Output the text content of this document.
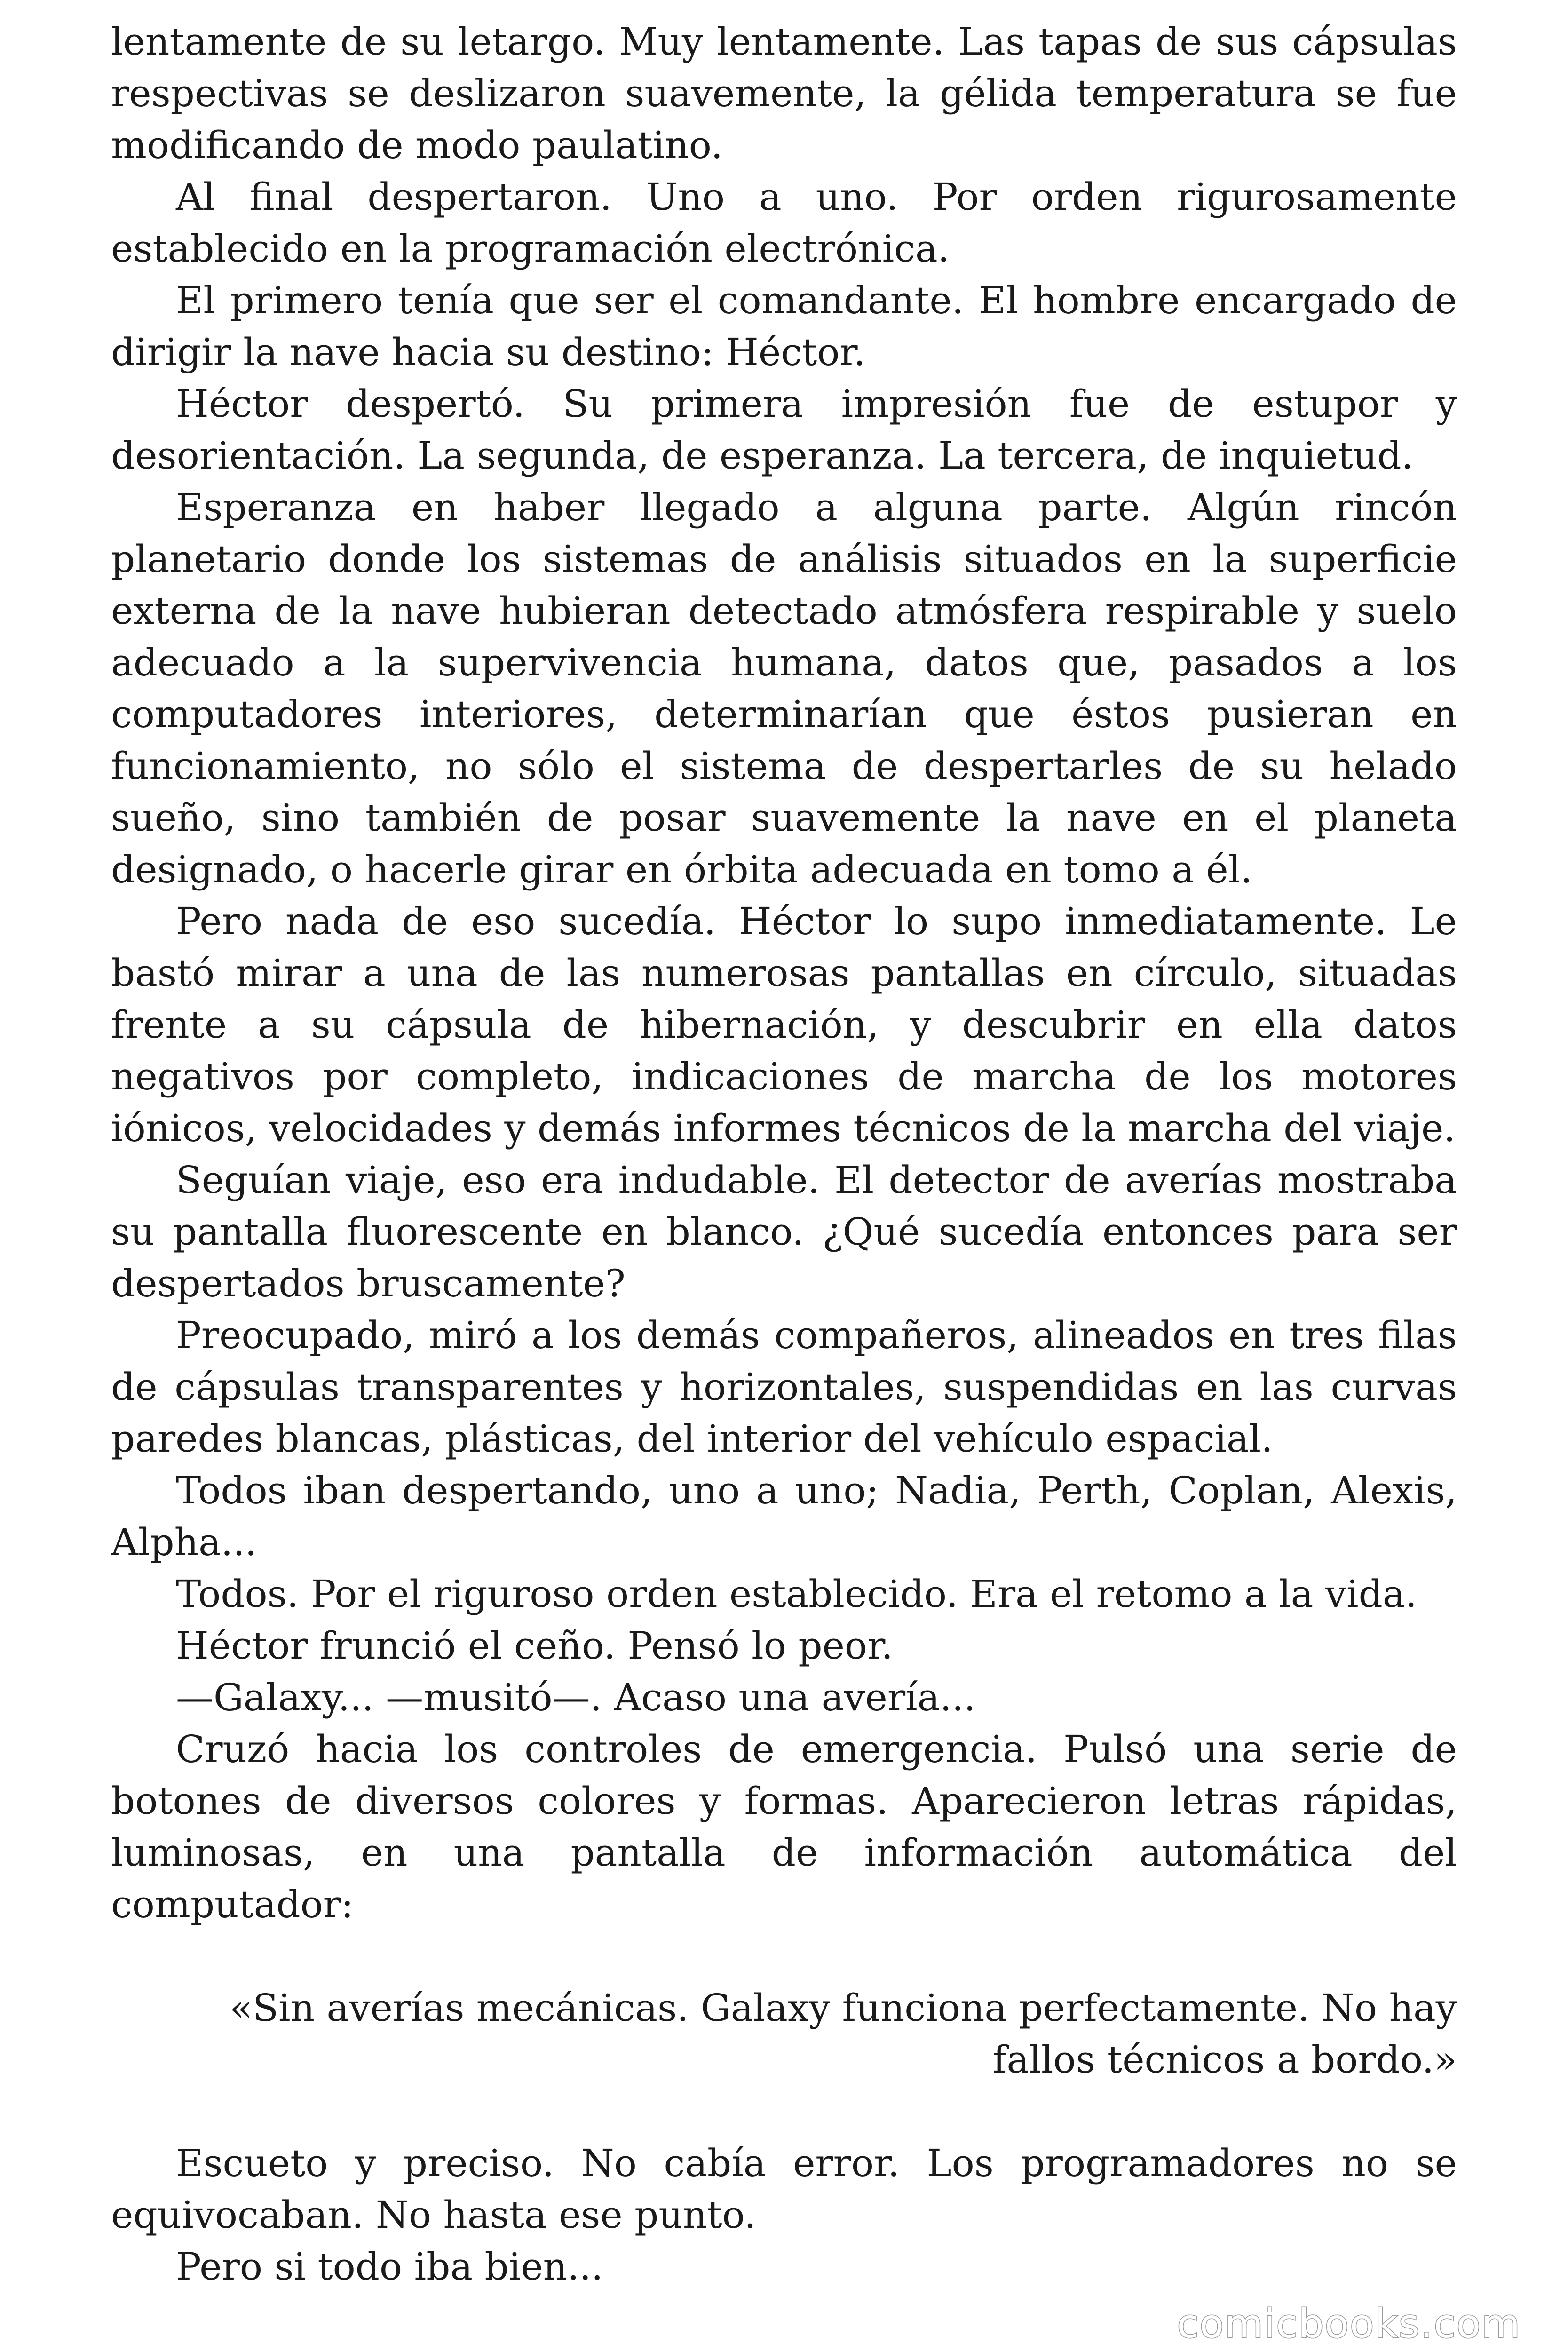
lentamente de su letargo. Muy lentamente. Las tapas de sus cápsulas respectivas se deslizaron suavemente, la gélida temperatura se fue modificando de modo paulatino.

Al final despertaron. Uno a uno. Por orden rigurosamente establecido en la programación electrónica.

El primero tenía que ser el comandante. El hombre encargado de dirigir la nave hacia su destino: Héctor.

Héctor despertó. Su primera impresión fue de estupor y desorientación. La segunda, de esperanza. La tercera, de inquietud.

Esperanza en haber llegado a alguna parte. Algún rincón planetario donde los sistemas de análisis situados en la superficie externa de la nave hubieran detectado atmósfera respirable y suelo adecuado a la supervivencia humana, datos que, pasados a los computadores interiores, determinarían que éstos pusieran en funcionamiento, no sólo el sistema de despertarles de su helado sueño, sino también de posar suavemente la nave en el planeta designado, o hacerle girar en órbita adecuada en tomo a él.

Pero nada de eso sucedía. Héctor lo supo inmediatamente. Le bastó mirar a una de las numerosas pantallas en círculo, situadas frente a su cápsula de hibernación, y descubrir en ella datos negativos por completo, indicaciones de marcha de los motores iónicos, velocidades y demás informes técnicos de la marcha del viaje.

Seguían viaje, eso era indudable. El detector de averías mostraba su pantalla fluorescente en blanco. ¿Qué sucedía entonces para ser despertados bruscamente?

Preocupado, miró a los demás compañeros, alineados en tres filas de cápsulas transparentes y horizontales, suspendidas en las curvas paredes blancas, plásticas, del interior del vehículo espacial.

Todos iban despertando, uno a uno; Nadia, Perth, Coplan, Alexis, Alpha...

Todos. Por el riguroso orden establecido. Era el retomo a la vida.

Héctor frunció el ceño. Pensó lo peor.

—Galaxy... —musitó—. Acaso una avería...

Cruzó hacia los controles de emergencia. Pulsó una serie de botones de diversos colores y formas. Aparecieron letras rápidas, luminosas, en una pantalla de información automática del computador:

«Sin averías mecánicas. Galaxy funciona perfectamente. No hay
fallos técnicos a bordo.»

Escueto y preciso. No cabía error. Los programadores no se equivocaban. No hasta ese punto.

Pero si todo iba bien...

comicbooks.com
